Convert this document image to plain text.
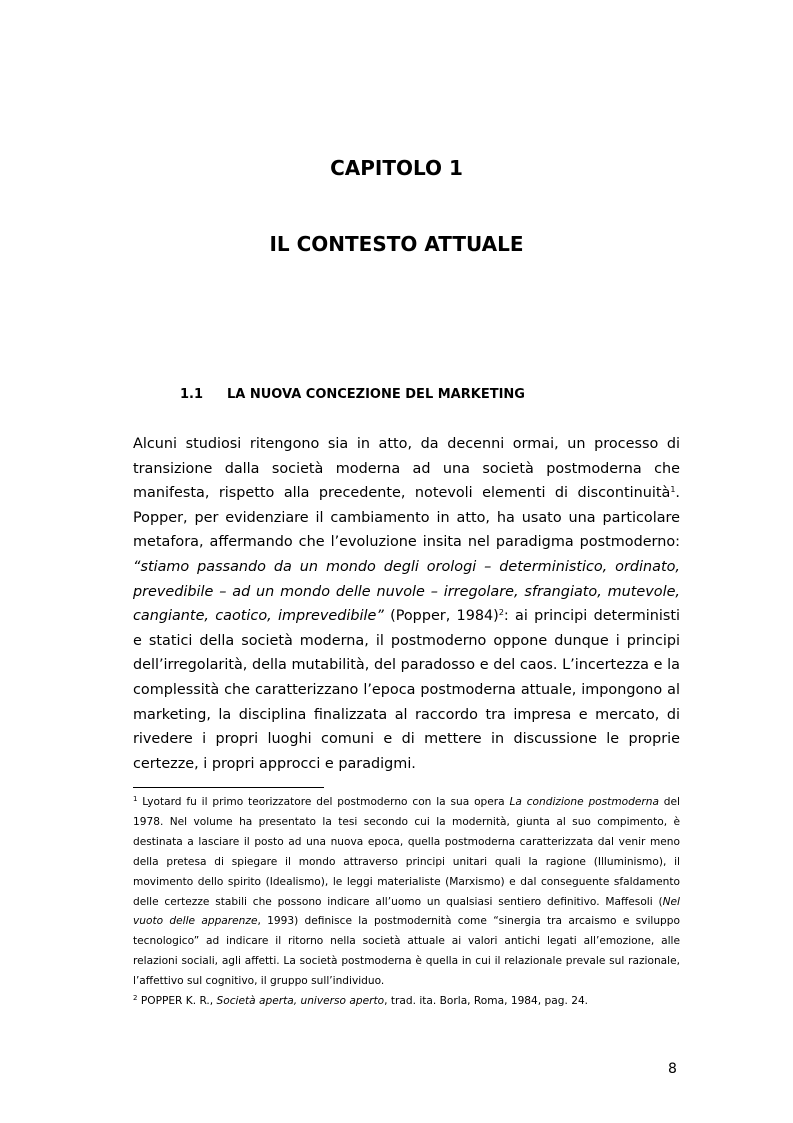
CAPITOLO 1
IL CONTESTO ATTUALE
1.1 LA NUOVA CONCEZIONE DEL MARKETING

Alcuni studiosi ritengono sia in atto, da decenni ormai, un processo di transizione dalla società moderna ad una società postmoderna che manifesta, rispetto alla precedente, notevoli elementi di discontinuità$^1$. Popper, per evidenziare il cambiamento in atto, ha usato una particolare metafora, affermando che l’evoluzione insita nel paradigma postmoderno: “stiamo passando da un mondo degli orologi – deterministico, ordinato, prevedibile – ad un mondo delle nuvole – irregolare, sfrangiato, mutevole, cangiante, caotico, imprevedibile” (Popper, 1984)$^2$: ai principi deterministi e statici della società moderna, il postmoderno oppone dunque i principi dell’irregolarità, della mutabilità, del paradosso e del caos. L’incertezza e la complessità che caratterizzano l’epoca postmoderna attuale, impongono al marketing, la disciplina finalizzata al raccordo tra impresa e mercato, di rivedere i propri luoghi comuni e di mettere in discussione le proprie certezze, i propri approcci e paradigmi.

$^1$ Lyotard fu il primo teorizzatore del postmoderno con la sua opera La condizione postmoderna del 1978. Nel volume ha presentato la tesi secondo cui la modernità, giunta al suo compimento, è destinata a lasciare il posto ad una nuova epoca, quella postmoderna caratterizzata dal venir meno della pretesa di spiegare il mondo attraverso principi unitari quali la ragione (Illuminismo), il movimento dello spirito (Idealismo), le leggi materialiste (Marxismo) e dal conseguente sfaldamento delle certezze stabili che possono indicare all’uomo un qualsiasi sentiero definitivo. Maffesoli (Nel vuoto delle apparenze, 1993) definisce la postmodernità come “sinergia tra arcaismo e sviluppo tecnologico” ad indicare il ritorno nella società attuale ai valori antichi legati all’emozione, alle relazioni sociali, agli affetti. La società postmoderna è quella in cui il relazionale prevale sul razionale, l’affettivo sul cognitivo, il gruppo sull’individuo.

$^2$ POPPER K. R., Società aperta, universo aperto, trad. ita. Borla, Roma, 1984, pag. 24.

8
